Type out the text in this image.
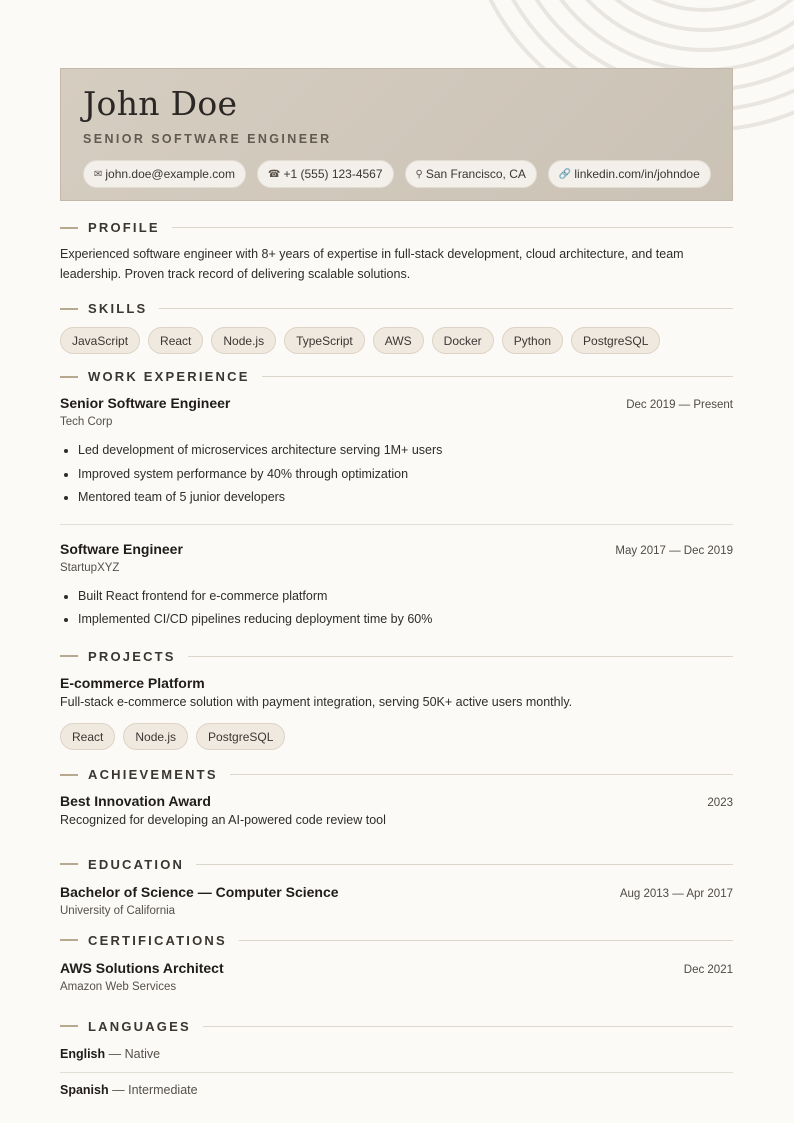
John Doe
SENIOR SOFTWARE ENGINEER
✉ john.doe@example.com	☎ +1 (555) 123-4567	⚲ San Francisco, CA	🔗 linkedin.com/in/johndoe
PROFILE

Experienced software engineer with 8+ years of expertise in full-stack development, cloud architecture, and team leadership. Proven track record of delivering scalable solutions.

SKILLS
JavaScript	React	Node.js	TypeScript	AWS	Docker	Python	PostgreSQL
WORK EXPERIENCE
Senior Software Engineer	Dec 2019 — Present
Tech Corp
Led development of microservices architecture serving 1M+ users
Improved system performance by 40% through optimization
Mentored team of 5 junior developers
Software Engineer	May 2017 — Dec 2019
StartupXYZ
Built React frontend for e-commerce platform
Implemented CI/CD pipelines reducing deployment time by 60%
PROJECTS
E-commerce Platform

Full-stack e-commerce solution with payment integration, serving 50K+ active users monthly.

React	Node.js	PostgreSQL
ACHIEVEMENTS
Best Innovation Award	2023

Recognized for developing an AI-powered code review tool

EDUCATION
Bachelor of Science — Computer Science	Aug 2013 — Apr 2017
University of California
CERTIFICATIONS
AWS Solutions Architect	Dec 2021
Amazon Web Services
LANGUAGES
English — Native
Spanish — Intermediate
